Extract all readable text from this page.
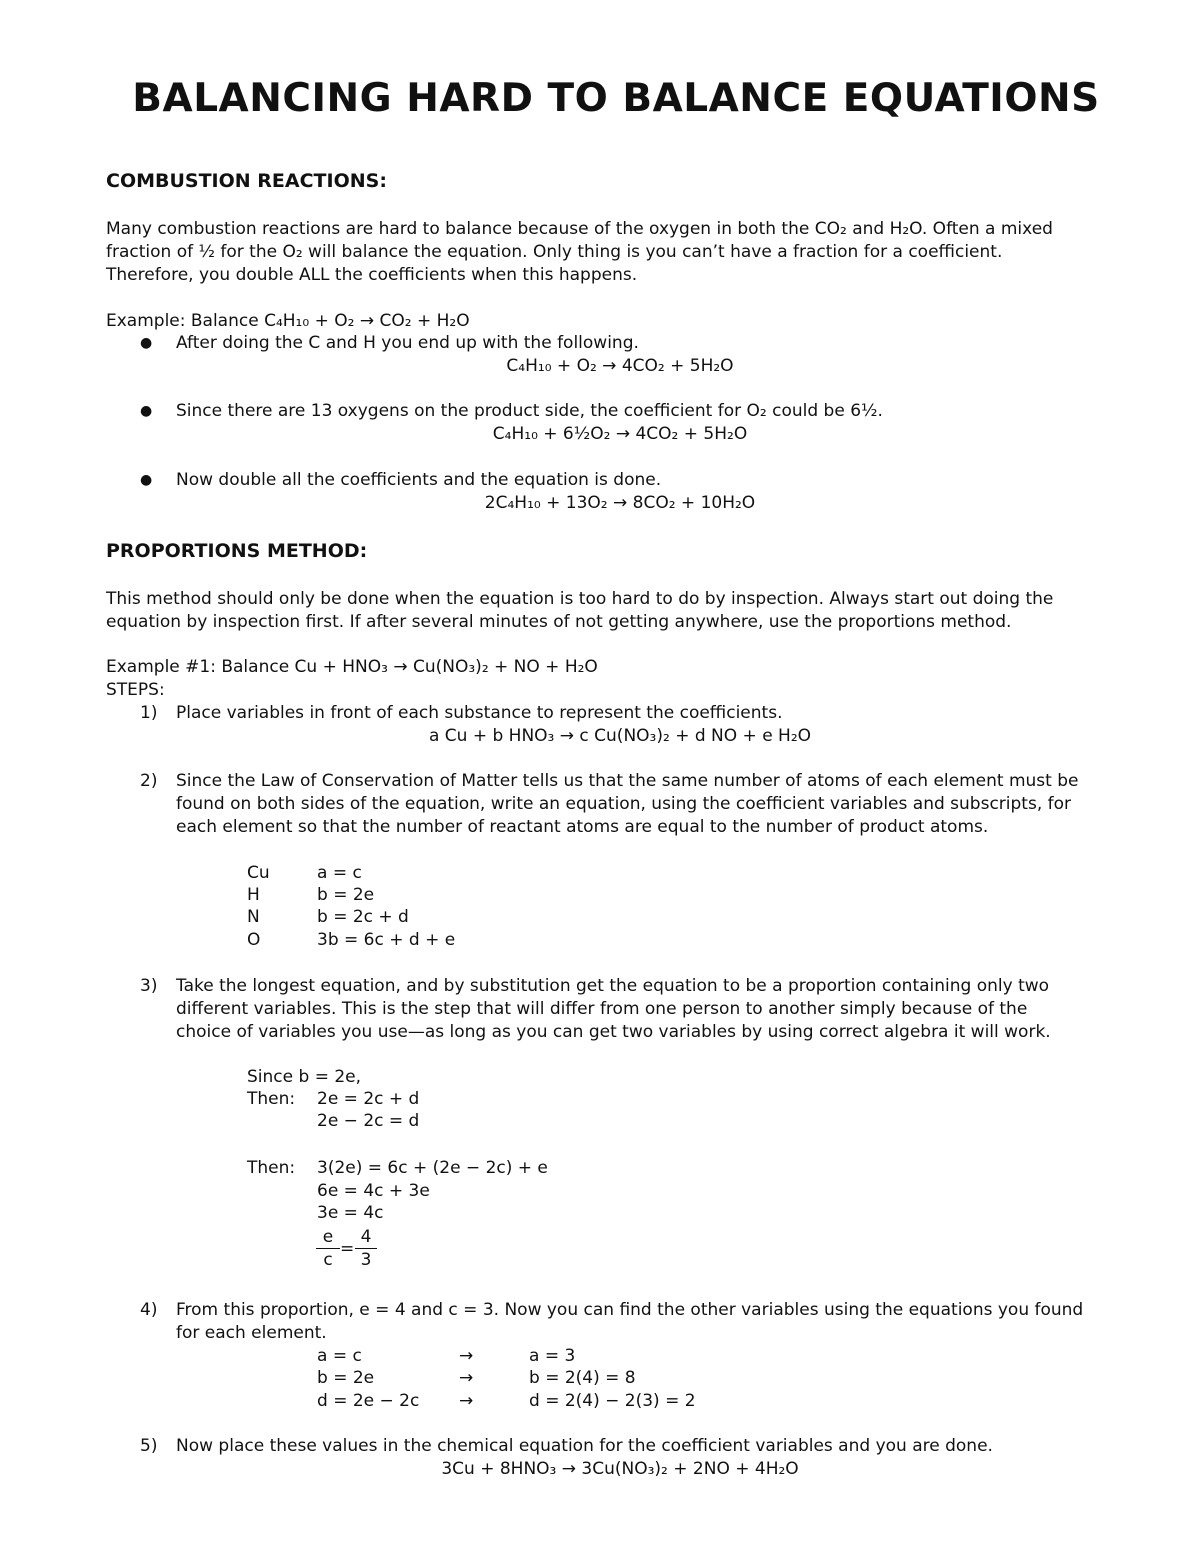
BALANCING HARD TO BALANCE EQUATIONS
COMBUSTION REACTIONS:
Many combustion reactions are hard to balance because of the oxygen in both the CO₂ and H₂O. Often a mixed
fraction of ½ for the O₂ will balance the equation. Only thing is you can’t have a fraction for a coefficient.
Therefore, you double ALL the coefficients when this happens.
Example: Balance C₄H₁₀ + O₂ → CO₂ + H₂O
● After doing the C and H you end up with the following.
C₄H₁₀ + O₂ → 4CO₂ + 5H₂O
● Since there are 13 oxygens on the product side, the coefficient for O₂ could be 6½.
C₄H₁₀ + 6½O₂ → 4CO₂ + 5H₂O
● Now double all the coefficients and the equation is done.
2C₄H₁₀ + 13O₂ → 8CO₂ + 10H₂O
PROPORTIONS METHOD:
This method should only be done when the equation is too hard to do by inspection. Always start out doing the
equation by inspection first. If after several minutes of not getting anywhere, use the proportions method.
Example #1: Balance Cu + HNO₃ → Cu(NO₃)₂ + NO + H₂O
STEPS:
1) Place variables in front of each substance to represent the coefficients.
a Cu + b HNO₃ → c Cu(NO₃)₂ + d NO + e H₂O
2) Since the Law of Conservation of Matter tells us that the same number of atoms of each element must be
found on both sides of the equation, write an equation, using the coefficient variables and subscripts, for
each element so that the number of reactant atoms are equal to the number of product atoms.
Cu	a = c
H	b = 2e
N	b = 2c + d
O	3b = 6c + d + e
3) Take the longest equation, and by substitution get the equation to be a proportion containing only two
different variables. This is the step that will differ from one person to another simply because of the
choice of variables you use—as long as you can get two variables by using correct algebra it will work.
Since b = 2e,
Then: 2e = 2c + d
2e − 2c = d
Then: 3(2e) = 6c + (2e − 2c) + e
6e = 4c + 3e
3e = 4c
$\frac{e}{c} = \frac{4}{3}$
4) From this proportion, e = 4 and c = 3. Now you can find the other variables using the equations you found
for each element.
a = c	→	a = 3
b = 2e	→	b = 2(4) = 8
d = 2e − 2c →	d = 2(4) − 2(3) = 2
5) Now place these values in the chemical equation for the coefficient variables and you are done.
3Cu + 8HNO₃ → 3Cu(NO₃)₂ + 2NO + 4H₂O
